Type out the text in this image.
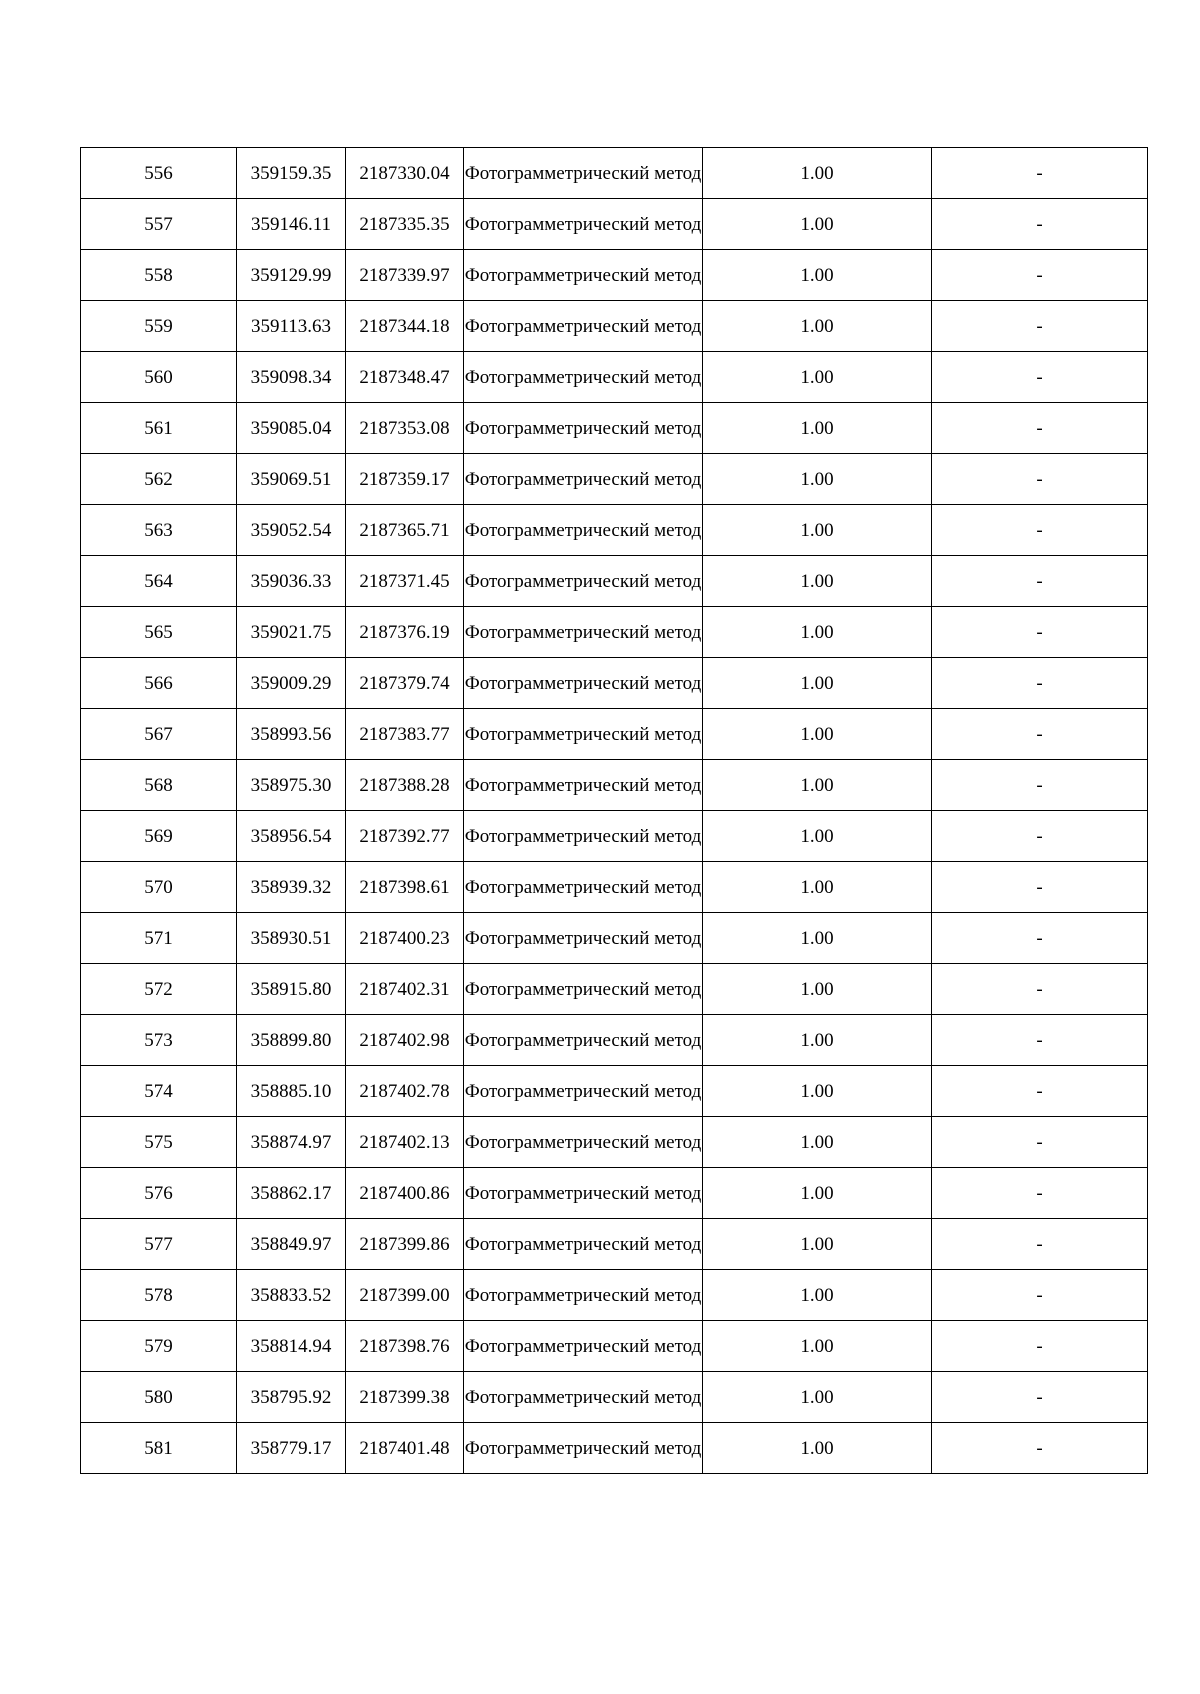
556	359159.35	2187330.04	Фотограмметрический метод	1.00	-
557	359146.11	2187335.35	Фотограмметрический метод	1.00	-
558	359129.99	2187339.97	Фотограмметрический метод	1.00	-
559	359113.63	2187344.18	Фотограмметрический метод	1.00	-
560	359098.34	2187348.47	Фотограмметрический метод	1.00	-
561	359085.04	2187353.08	Фотограмметрический метод	1.00	-
562	359069.51	2187359.17	Фотограмметрический метод	1.00	-
563	359052.54	2187365.71	Фотограмметрический метод	1.00	-
564	359036.33	2187371.45	Фотограмметрический метод	1.00	-
565	359021.75	2187376.19	Фотограмметрический метод	1.00	-
566	359009.29	2187379.74	Фотограмметрический метод	1.00	-
567	358993.56	2187383.77	Фотограмметрический метод	1.00	-
568	358975.30	2187388.28	Фотограмметрический метод	1.00	-
569	358956.54	2187392.77	Фотограмметрический метод	1.00	-
570	358939.32	2187398.61	Фотограмметрический метод	1.00	-
571	358930.51	2187400.23	Фотограмметрический метод	1.00	-
572	358915.80	2187402.31	Фотограмметрический метод	1.00	-
573	358899.80	2187402.98	Фотограмметрический метод	1.00	-
574	358885.10	2187402.78	Фотограмметрический метод	1.00	-
575	358874.97	2187402.13	Фотограмметрический метод	1.00	-
576	358862.17	2187400.86	Фотограмметрический метод	1.00	-
577	358849.97	2187399.86	Фотограмметрический метод	1.00	-
578	358833.52	2187399.00	Фотограмметрический метод	1.00	-
579	358814.94	2187398.76	Фотограмметрический метод	1.00	-
580	358795.92	2187399.38	Фотограмметрический метод	1.00	-
581	358779.17	2187401.48	Фотограмметрический метод	1.00	-
